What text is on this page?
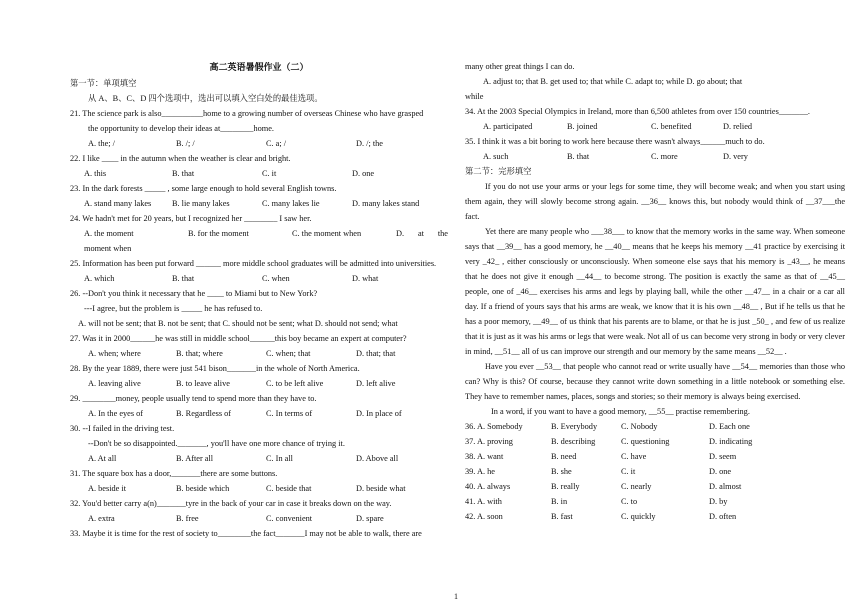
高二英语暑假作业（二）
第一节：单项填空
从 A、B、C、D 四个选项中，选出可以填入空白处的最佳选项。
21. The science park is also__________home to a growing number of overseas Chinese who have grasped
the opportunity to develop their ideas at________home.
A. the; /	B. /; /	C. a; /	D. /; the
22. I like ____ in the autumn when the weather is clear and bright.
A. this	B. that	C. it	D. one
23. In the dark forests _____ , some large enough to hold several English towns.
A. stand many lakes	B. lie many lakes	C. many lakes lie	D. many lakes stand
24. We hadn't met for 20 years, but I recognized her ________ I saw her.
A. the moment	B. for the moment	C. the moment when	D.　at　the moment when
25. Information has been put forward ______ more middle school graduates will be admitted into universities.
A. which	B. that	C. when	D. what
26. --Don't you think it necessary that he ____ to Miami but to New York?
---I agree, but the problem is _____ he has refused to.
A. will not be sent; that B. not be sent; that C. should not be sent; what D. should not send; what
27. Was it in 2000______he was still in middle school______this boy became an expert at computer?
A. when; where	B. that; where	C. when; that	D. that; that
28. By the year 1889, there were just 541 bison_______in the whole of North America.
A. leaving alive	B. to leave alive	C. to be left alive	D. left alive
29. ________money, people usually tend to spend more than they have to.
A. In the eyes of	B. Regardless of	C. In terms of	D. In place of
30. --I failed in the driving test.
--Don't be so disappointed._______, you'll have one more chance of trying it.
A. At all	B. After all	C. In all	D. Above all
31. The square box has a door,_______there are some buttons.
A. beside it	B. beside which	C. beside that	D. beside what
32. You'd better carry a(n)_______tyre in the back of your car in case it breaks down on the way.
A. extra	B. free	C. convenient	D. spare
33. Maybe it is time for the rest of society to________the fact_______I may not be able to walk, there are
many other great things I can do.
A. adjust to; that B. get used to; that while C. adapt to; while D. go about; that
while
34. At the 2003 Special Olympics in Ireland, more than 6,500 athletes from over 150 countries_______.
A. participated	B. joined	C. benefited	D. relied
35. I think it was a bit boring to work here because there wasn't always______much to do.
A. such	B. that	C. more	D. very
第二节：完形填空
If you do not use your arms or your legs for some time, they will become weak; and when you start using them again, they will slowly become strong again. __36__ knows this, but nobody would think of __37___the fact.
Yet there are many people who ___38___ to know that the memory works in the same way. When someone says that __39__ has a good memory, he __40__ means that he keeps his memory __41 practice by exercising it very _42_ , either consciously or unconsciously. When someone else says that his memory is _43__, he means that he does not give it enough __44__ to become strong. The position is exactly the same as that of __45__ people, one of _46__ exercises his arms and legs by playing ball, while the other __47__ in a chair or a car all day. If a friend of yours says that his arms are weak, we know that it is his own __48__ , But if he tells us that he has a poor memory, __49__ of us think that his parents are to blame, or that he is just _50_ , and few of us realize that it is just as it was his arms or legs that were weak. Not all of us can become very strong in body or very clever in mind, __51__ all of us can improve our strength and our memory by the same means __52__ .
Have you ever __53__ that people who cannot read or write usually have __54__ memories than those who can? Why is this? Of course, because they cannot write down something in a little notebook or something else. They have to remember names, places, songs and stories; so their memory is always being exercised.
In a word, if you want to have a good memory, __55__ practise remembering.
36. A. Somebody	B. Everybody	C. Nobody	D. Each one
37. A. proving	B. describing	C. questioning	D. indicating
38. A. want	B. need	C. have	D. seem
39. A. he	B. she	C. it	D. one
40. A. always	B. really	C. nearly	D. almost
41. A. with	B. in	C. to	D. by
42. A. soon	B. fast	C. quickly	D. often
1
